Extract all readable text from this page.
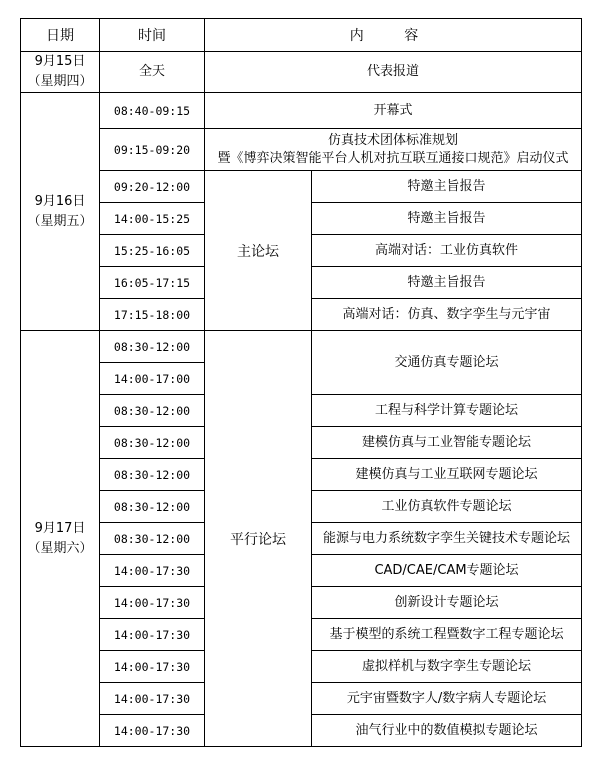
日期	时间	内 容	

9月15日
（星期四）	全天	代表报道	

9月16日
（星期五）	08:40-09:15	开幕式	
	09:15-09:20	仿真技术团体标准规划
暨《博弈决策智能平台人机对抗互联互通接口规范》启动仪式	

	09:20-12:00	主论坛	特邀主旨报告
	14:00-15:25		特邀主旨报告
	15:25-16:05		高端对话：工业仿真软件
	16:05-17:15		特邀主旨报告
	17:15-18:00		高端对话：仿真、数字孪生与元宇宙

9月17日
（星期六）	08:30-12:00	平行论坛	交通仿真专题论坛
	14:00-17:00		
	08:30-12:00		工程与科学计算专题论坛
	08:30-12:00		建模仿真与工业智能专题论坛
	08:30-12:00		建模仿真与工业互联网专题论坛
	08:30-12:00		工业仿真软件专题论坛
	08:30-12:00		能源与电力系统数字孪生关键技术专题论坛
	14:00-17:30		CAD/CAE/CAM专题论坛
	14:00-17:30		创新设计专题论坛
	14:00-17:30		基于模型的系统工程暨数字工程专题论坛
	14:00-17:30		虚拟样机与数字孪生专题论坛
	14:00-17:30		元宇宙暨数字人/数字病人专题论坛
	14:00-17:30		油气行业中的数值模拟专题论坛
